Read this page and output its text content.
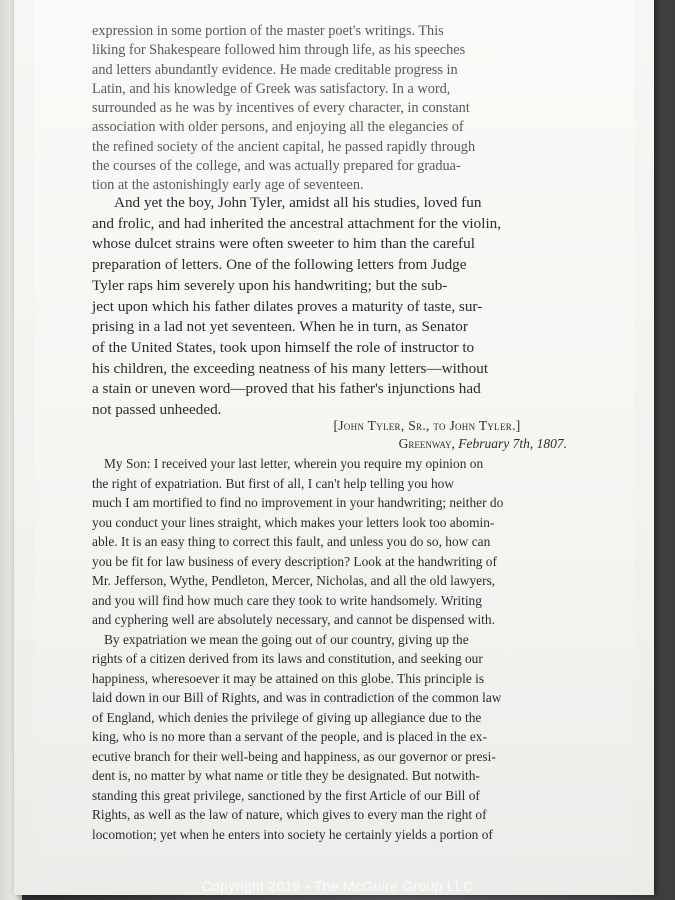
expression in some portion of the master poet's writings. This

liking for Shakespeare followed him through life, as his speeches

and letters abundantly evidence. He made creditable progress in

Latin, and his knowledge of Greek was satisfactory. In a word,

surrounded as he was by incentives of every character, in constant

association with older persons, and enjoying all the elegancies of

the refined society of the ancient capital, he passed rapidly through

the courses of the college, and was actually prepared for gradua-

tion at the astonishingly early age of seventeen.

And yet the boy, John Tyler, amidst all his studies, loved fun

and frolic, and had inherited the ancestral attachment for the violin,

whose dulcet strains were often sweeter to him than the careful

preparation of letters. One of the following letters from Judge

Tyler raps him severely upon his handwriting; but the sub-

ject upon which his father dilates proves a maturity of taste, sur-

prising in a lad not yet seventeen. When he in turn, as Senator

of the United States, took upon himself the role of instructor to

his children, the exceeding neatness of his many letters—without

a stain or uneven word—proved that his father's injunctions had

not passed unheeded.

[John Tyler, Sr., to John Tyler.]

Greenway, February 7th, 1807.

My Son: I received your last letter, wherein you require my opinion on

the right of expatriation. But first of all, I can't help telling you how

much I am mortified to find no improvement in your handwriting; neither do

you conduct your lines straight, which makes your letters look too abomin-

able. It is an easy thing to correct this fault, and unless you do so, how can

you be fit for law business of every description? Look at the handwriting of

Mr. Jefferson, Wythe, Pendleton, Mercer, Nicholas, and all the old lawyers,

and you will find how much care they took to write handsomely. Writing

and cyphering well are absolutely necessary, and cannot be dispensed with.

By expatriation we mean the going out of our country, giving up the

rights of a citizen derived from its laws and constitution, and seeking our

happiness, wheresoever it may be attained on this globe. This principle is

laid down in our Bill of Rights, and was in contradiction of the common law

of England, which denies the privilege of giving up allegiance due to the

king, who is no more than a servant of the people, and is placed in the ex-

ecutive branch for their well-being and happiness, as our governor or presi-

dent is, no matter by what name or title they be designated. But notwith-

standing this great privilege, sanctioned by the first Article of our Bill of

Rights, as well as the law of nature, which gives to every man the right of

locomotion; yet when he enters into society he certainly yields a portion of

Copyright 2019 - The McGuire Group LLC
